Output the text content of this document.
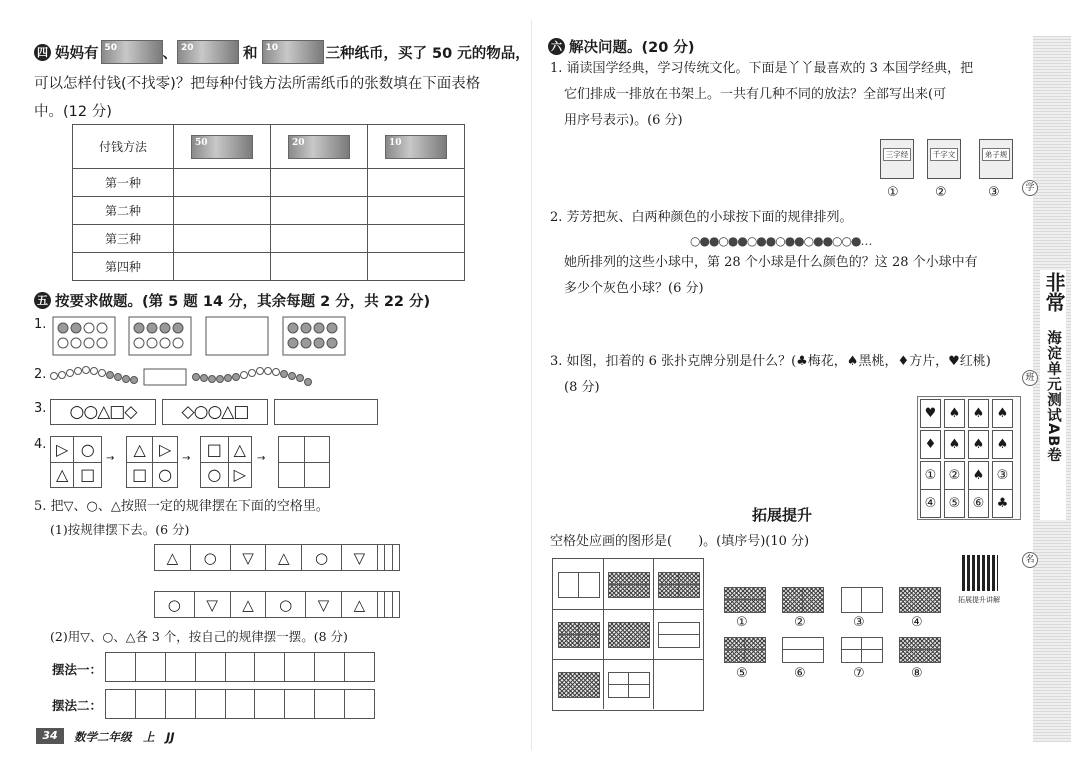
四 妈妈有 50	、 20	和 10	三种纸币，买了 50 元的物品，
可以怎样付钱(不找零)？把每种付钱方法所需纸币的张数填在下面表格
中。(12 分)
付钱方法	50	20	10

第一种			
第二种			
第三种			
第四种			
五 按要求做题。(第 5 题 14 分，其余每题 2 分，共 22 分)
1.
2.
3.	○○△□◇	◇○○△□
4. ▷	○
△	□
→ △	▷
□	○
→ □	△
○	▷
→

5. 把▽、○、△按照一定的规律摆在下面的空格里。
(1)按规律摆下去。(6 分)
△	○	▽	△	○	▽			
○	▽	△	○	▽	△			
(2)用▽、○、△各 3 个，按自己的规律摆一摆。(8 分)
摆法一：

摆法二：

34	数学二年级　上　JJ
六 解决问题。(20 分)
1. 诵读国学经典，学习传统文化。下面是丫丫最喜欢的 3 本国学经典，把
它们排成一排放在书架上。一共有几种不同的放法？全部写出来(可
用序号表示)。(6 分)
三字经	千字文	弟子规
①	②	③
2. 芳芳把灰、白两种颜色的小球按下面的规律排列。
○●●○●●○●●○●●○●●○○●…
她所排列的这些小球中，第 28 个小球是什么颜色的？这 28 个小球中有
多少个灰色小球？(6 分)
3. 如图，扣着的 6 张扑克牌分别是什么？(♣梅花，♠黑桃，♦方片，♥红桃)
(8 分)
♥ ♠ ♠ ♠
♦ ♠ ♠ ♠
① ② ♠ ③
④ ⑤ ⑥ ♣
拓展提升
空格处应画的图形是(　　)。(填序号)(10 分)
①	②	③	④
⑤	⑥	⑦	⑧
拓展提升讲解
非常
海淀单元测试AB卷
学
班
名
